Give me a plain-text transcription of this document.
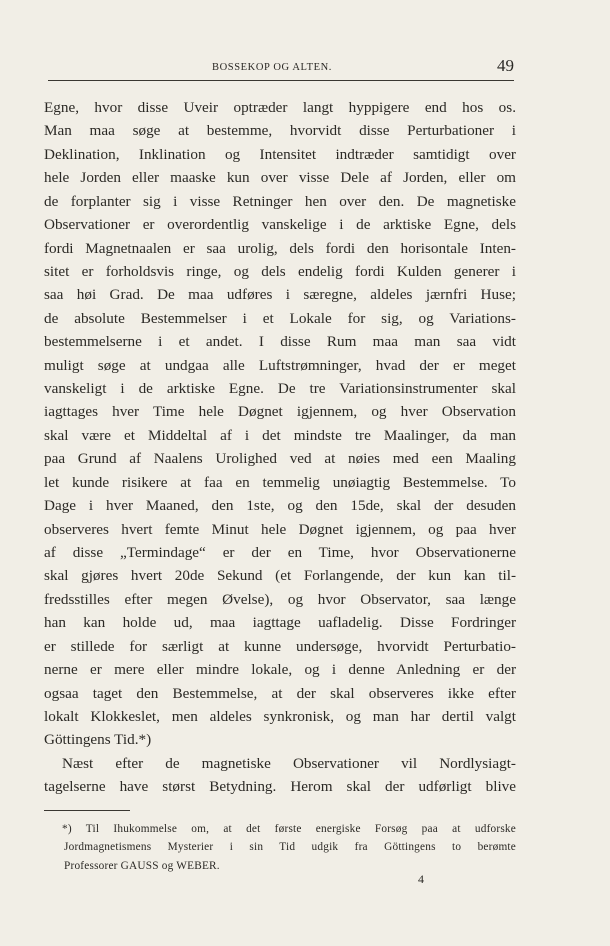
BOSSEKOP OG ALTEN.	49
Egne, hvor disse Uveir optræder langt hyppigere end hos os.
Man maa søge at bestemme, hvorvidt disse Perturbationer i
Deklination, Inklination og Intensitet indtræder samtidigt over
hele Jorden eller maaske kun over visse Dele af Jorden, eller om
de forplanter sig i visse Retninger hen over den. De magnetiske
Observationer er overordentlig vanskelige i de arktiske Egne, dels
fordi Magnetnaalen er saa urolig, dels fordi den horisontale Inten-
sitet er forholdsvis ringe, og dels endelig fordi Kulden generer i
saa høi Grad. De maa udføres i særegne, aldeles jærnfri Huse;
de absolute Bestemmelser i et Lokale for sig, og Variations-
bestemmelserne i et andet. I disse Rum maa man saa vidt
muligt søge at undgaa alle Luftstrømninger, hvad der er meget
vanskeligt i de arktiske Egne. De tre Variationsinstrumenter skal
iagttages hver Time hele Døgnet igjennem, og hver Observation
skal være et Middeltal af i det mindste tre Maalinger, da man
paa Grund af Naalens Urolighed ved at nøies med een Maaling
let kunde risikere at faa en temmelig unøiagtig Bestemmelse. To
Dage i hver Maaned, den 1ste, og den 15de, skal der desuden
observeres hvert femte Minut hele Døgnet igjennem, og paa hver
af disse „Termindage“ er der en Time, hvor Observationerne
skal gjøres hvert 20de Sekund (et Forlangende, der kun kan til-
fredsstilles efter megen Øvelse), og hvor Observator, saa længe
han kan holde ud, maa iagttage uafladelig. Disse Fordringer
er stillede for særligt at kunne undersøge, hvorvidt Perturbatio-
nerne er mere eller mindre lokale, og i denne Anledning er der
ogsaa taget den Bestemmelse, at der skal observeres ikke efter
lokalt Klokkeslet, men aldeles synkronisk, og man har dertil valgt
Göttingens Tid.*)
Næst efter de magnetiske Observationer vil Nordlysiagt-
tagelserne have størst Betydning. Herom skal der udførligt blive
*) Til Ihukommelse om, at det første energiske Forsøg paa at udforske
Jordmagnetismens Mysterier i sin Tid udgik fra Göttingens to berømte
Professorer GAUSS og WEBER.
4
